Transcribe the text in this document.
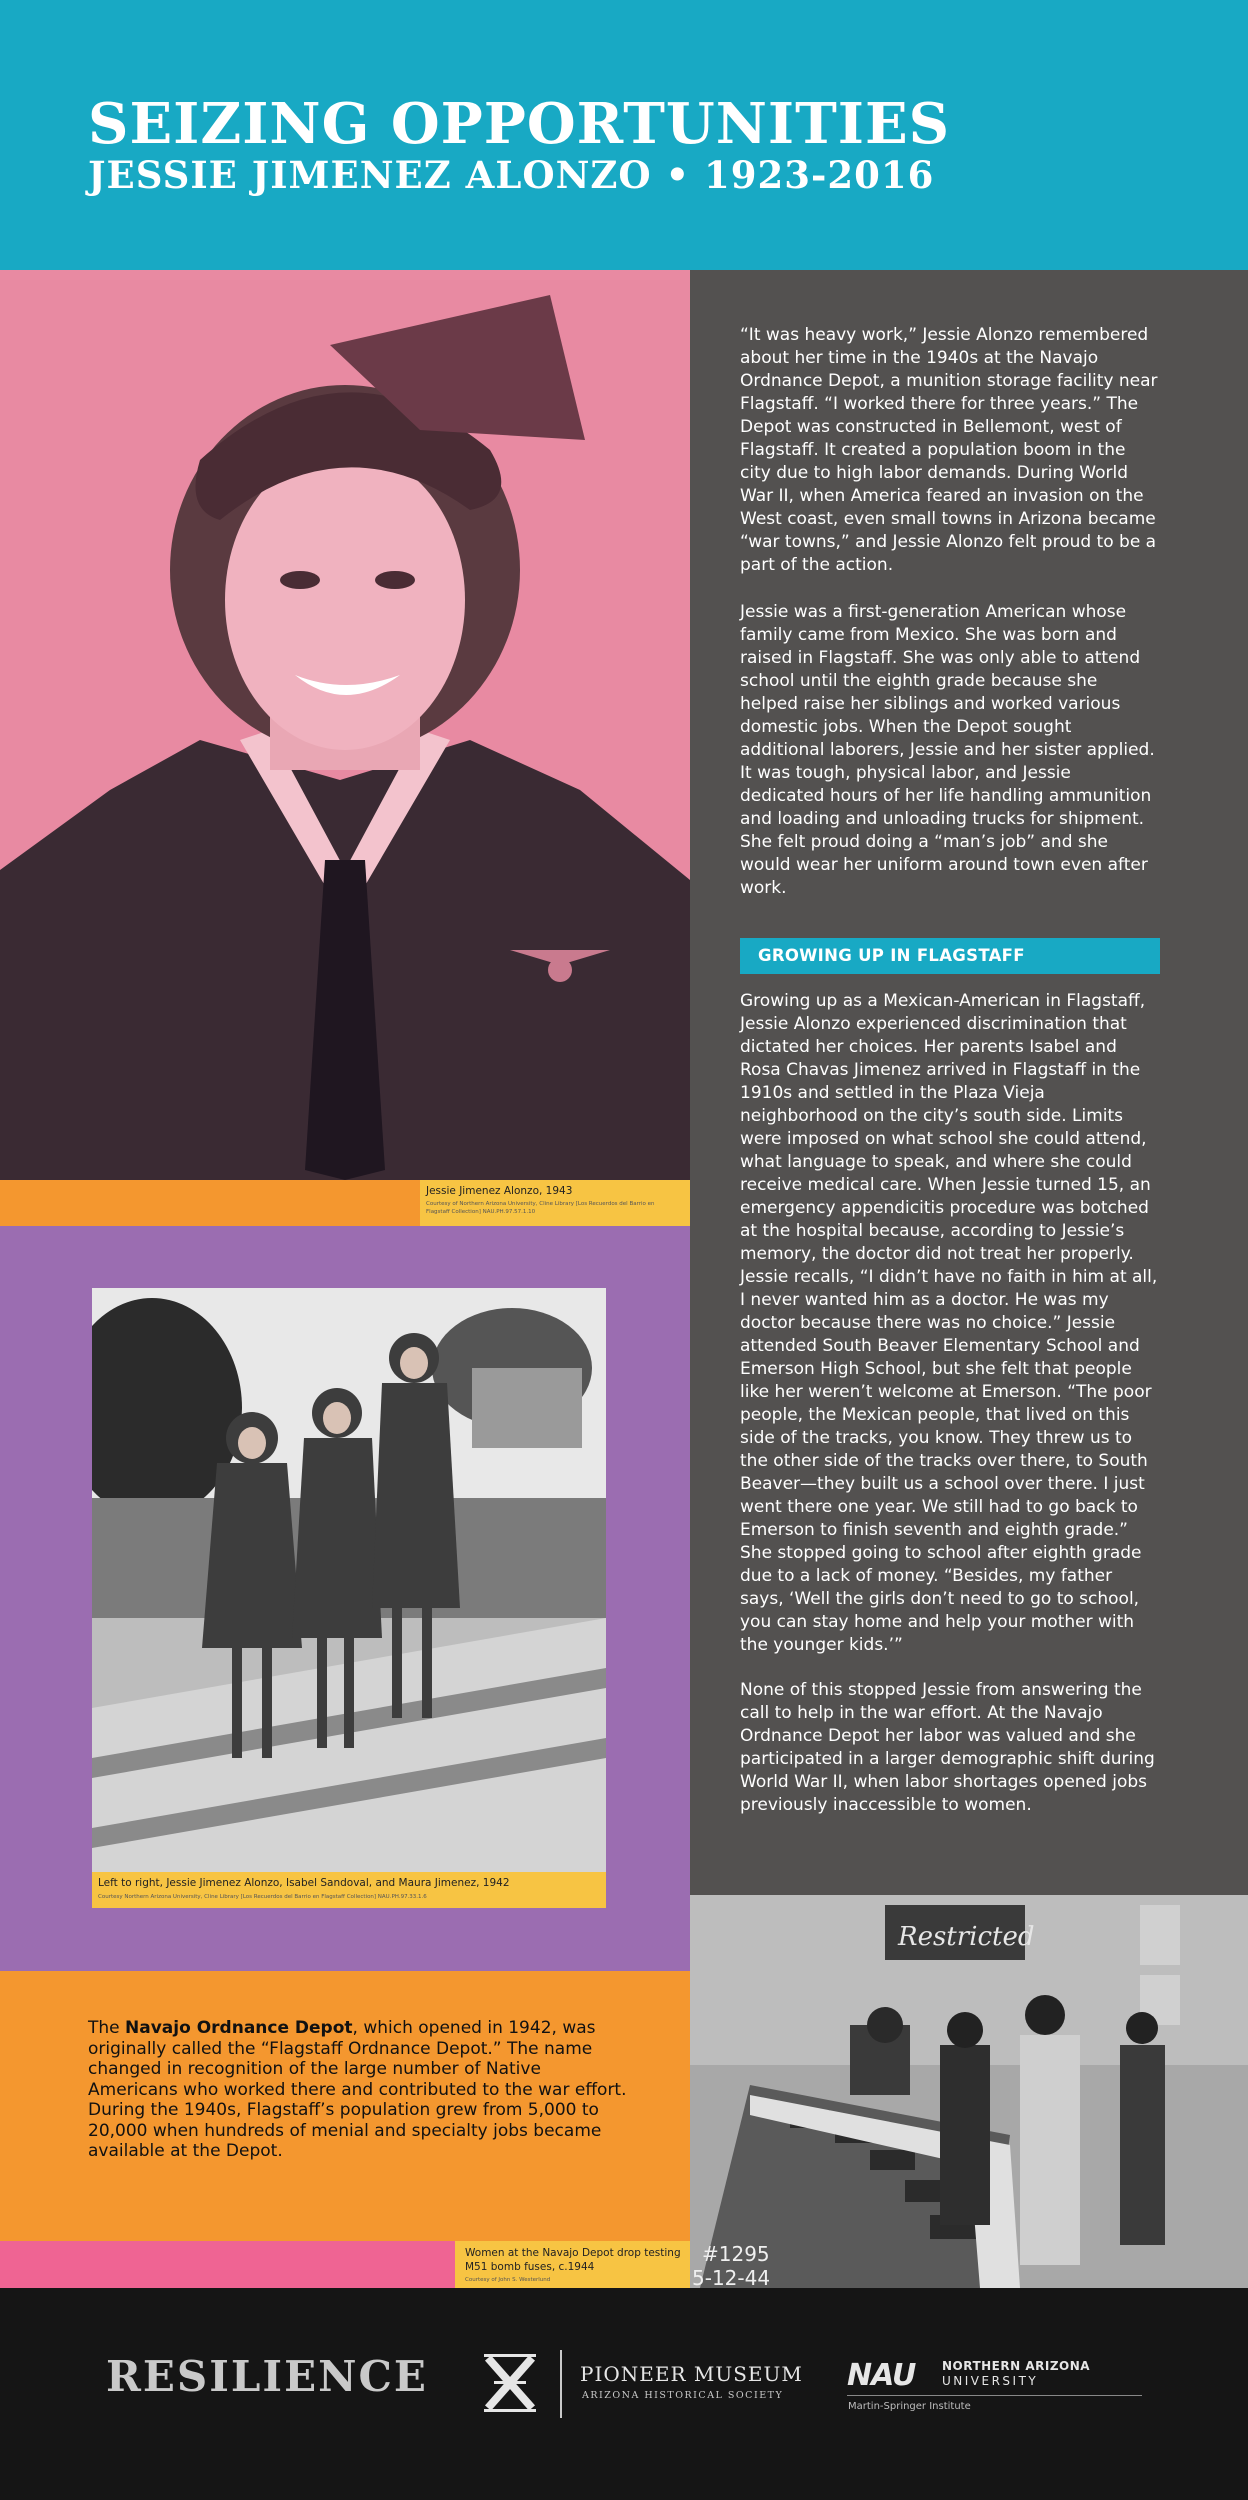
SEIZING OPPORTUNITIES
JESSIE JIMENEZ ALONZO • 1923-2016
Jessie Jimenez Alonzo, 1943
Courtesy of Northern Arizona University, Cline Library [Los Recuerdos del Barrio en
Flagstaff Collection] NAU.PH.97.57.1.10
Left to right, Jessie Jimenez Alonzo, Isabel Sandoval, and Maura Jimenez, 1942
Courtesy Northern Arizona University, Cline Library [Los Recuerdos del Barrio en Flagstaff Collection] NAU.PH.97.33.1.6
The Navajo Ordnance Depot, which opened in 1942, was originally called the “Flagstaff Ordnance Depot.” The name changed in recognition of the large number of Native Americans who worked there and contributed to the war effort. During the 1940s, Flagstaff’s population grew from 5,000 to 20,000 when hundreds of menial and specialty jobs became available at the Depot.
Women at the Navajo Depot drop testing
M51 bomb fuses, c.1944
Courtesy of John S. Westerlund

“It was heavy work,” Jessie Alonzo remembered about her time in the 1940s at the Navajo Ordnance Depot, a munition storage facility near Flagstaff. “I worked there for three years.” The Depot was constructed in Bellemont, west of Flagstaff. It created a population boom in the city due to high labor demands. During World War II, when America feared an invasion on the West coast, even small towns in Arizona became “war towns,” and Jessie Alonzo felt proud to be a part of the action.

Jessie was a first-generation American whose family came from Mexico. She was born and raised in Flagstaff. She was only able to attend school until the eighth grade because she helped raise her siblings and worked various domestic jobs. When the Depot sought additional laborers, Jessie and her sister applied. It was tough, physical labor, and Jessie dedicated hours of her life handling ammunition and loading and unloading trucks for shipment. She felt proud doing a “man’s job” and she would wear her uniform around town even after work.

GROWING UP IN FLAGSTAFF

Growing up as a Mexican-American in Flagstaff, Jessie Alonzo experienced discrimination that dictated her choices. Her parents Isabel and Rosa Chavas Jimenez arrived in Flagstaff in the 1910s and settled in the Plaza Vieja neighborhood on the city’s south side. Limits were imposed on what school she could attend, what language to speak, and where she could receive medical care. When Jessie turned 15, an emergency appendicitis procedure was botched at the hospital because, according to Jessie’s memory, the doctor did not treat her properly. Jessie recalls, “I didn’t have no faith in him at all, I never wanted him as a doctor. He was my doctor because there was no choice.” Jessie attended South Beaver Elementary School and Emerson High School, but she felt that people like her weren’t welcome at Emerson. “The poor people, the Mexican people, that lived on this side of the tracks, you know. They threw us to the other side of the tracks over there, to South Beaver—they built us a school over there. I just went there one year. We still had to go back to Emerson to finish seventh and eighth grade.” She stopped going to school after eighth grade due to a lack of money. “Besides, my father says, ‘Well the girls don’t need to go to school, you can stay home and help your mother with the younger kids.’”

None of this stopped Jessie from answering the call to help in the war effort. At the Navajo Ordnance Depot her labor was valued and she participated in a larger demographic shift during World War II, when labor shortages opened jobs previously inaccessible to women.

Restricted
#1295
5-12-44
RESILIENCE	PIONEER MUSEUM
ARIZONA HISTORICAL SOCIETY
NAU NORTHERN ARIZONA
UNIVERSITY
Martin-Springer Institute
